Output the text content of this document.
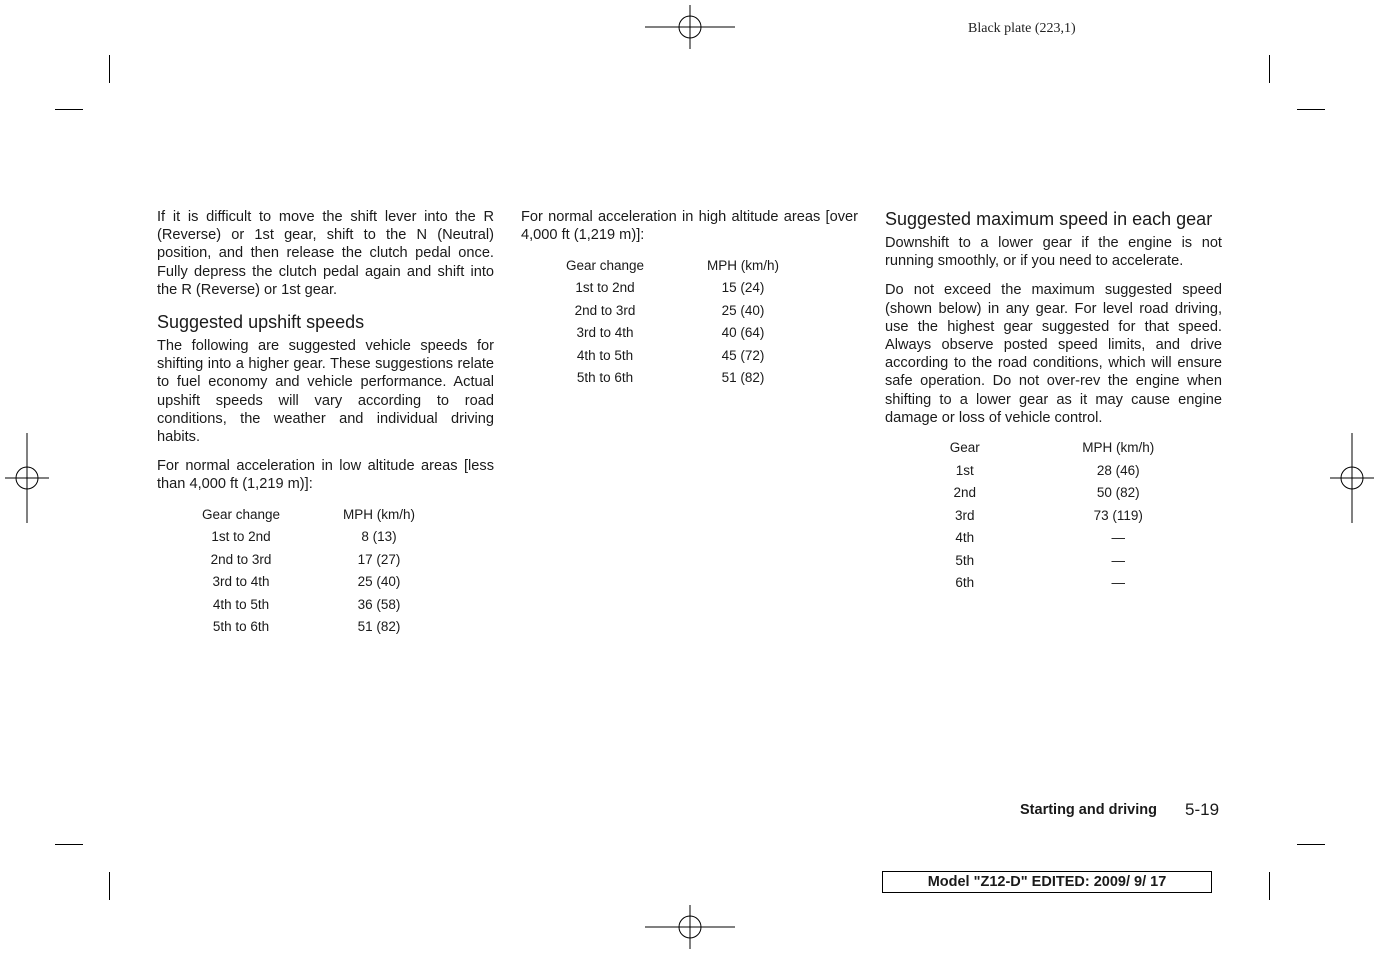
Black plate (223,1)

If it is difficult to move the shift lever into the R (Reverse) or 1st gear, shift to the N (Neutral) position, and then release the clutch pedal once. Fully depress the clutch pedal again and shift into the R (Reverse) or 1st gear.

Suggested upshift speeds

The following are suggested vehicle speeds for shifting into a higher gear. These suggestions relate to fuel economy and vehicle performance. Actual upshift speeds will vary according to road conditions, the weather and individual driving habits.

For normal acceleration in low altitude areas [less than 4,000 ft (1,219 m)]:

Gear change	MPH (km/h)
1st to 2nd	8 (13)
2nd to 3rd	17 (27)
3rd to 4th	25 (40)
4th to 5th	36 (58)
5th to 6th	51 (82)

For normal acceleration in high altitude areas [over 4,000 ft (1,219 m)]:

Gear change	MPH (km/h)
1st to 2nd	15 (24)
2nd to 3rd	25 (40)
3rd to 4th	40 (64)
4th to 5th	45 (72)
5th to 6th	51 (82)
Suggested maximum speed in each gear

Downshift to a lower gear if the engine is not running smoothly, or if you need to accelerate.

Do not exceed the maximum suggested speed (shown below) in any gear. For level road driving, use the highest gear suggested for that speed. Always observe posted speed limits, and drive according to the road conditions, which will ensure safe operation. Do not over-rev the engine when shifting to a lower gear as it may cause engine damage or loss of vehicle control.

Gear	MPH (km/h)
1st	28 (46)
2nd	50 (82)
3rd	73 (119)
4th	—
5th	—
6th	—
Starting and driving 5-19
Model "Z12-D" EDITED: 2009/ 9/ 17
